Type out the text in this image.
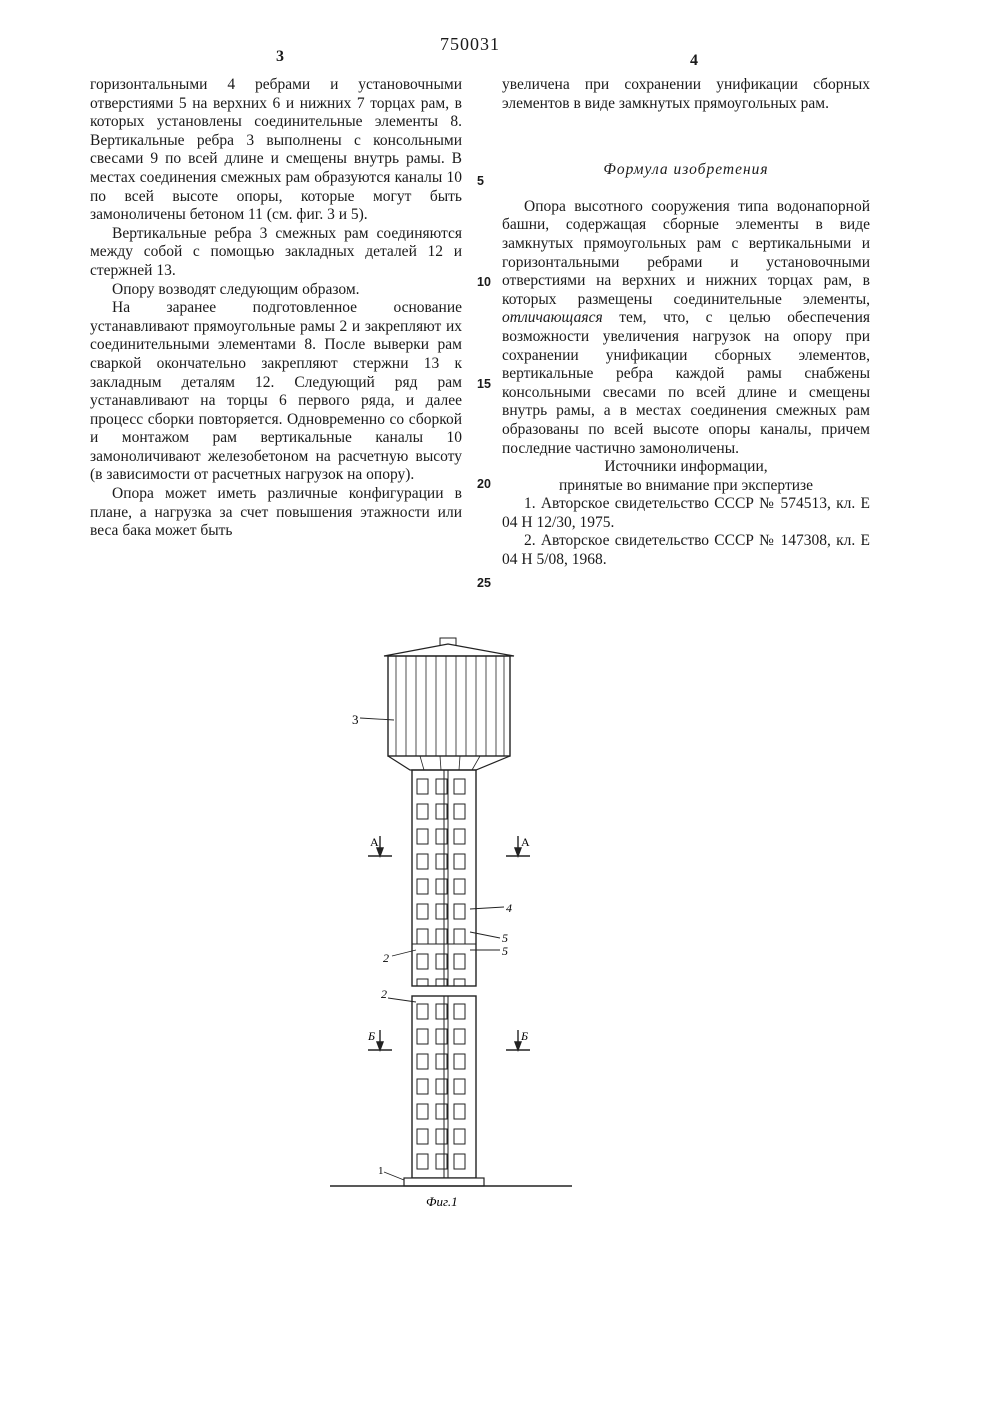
3
750031
4

горизонтальными 4 ребрами и установочными отверстиями 5 на верхних 6 и нижних 7 торцах рам, в которых установлены соединительные элементы 8. Вертикальные ребра 3 выполнены с консольными свесами 9 по всей длине и смещены внутрь рамы. В местах соединения смежных рам образуются каналы 10 по всей высоте опоры, которые могут быть замоноличены бетоном 11 (см. фиг. 3 и 5).

Вертикальные ребра 3 смежных рам соединяются между собой с помощью закладных деталей 12 и стержней 13.

Опору возводят следующим образом.

На заранее подготовленное основание устанавливают прямоугольные рамы 2 и закрепляют их соединительными элементами 8. После выверки рам сваркой окончательно закрепляют стержни 13 к закладным деталям 12. Следующий ряд рам устанавливают на торцы 6 первого ряда, и далее процесс сборки повторяется. Одновременно со сборкой и монтажом рам вертикальные каналы 10 замоноличивают железобетоном на расчетную высоту (в зависимости от расчетных нагрузок на опору).

Опора может иметь различные конфигурации в плане, а нагрузка за счет повышения этажности или веса бака может быть

5
10
15
20
25

увеличена при сохранении унификации сборных элементов в виде замкнутых прямоугольных рам.

Формула изобретения

Опора высотного сооружения типа водонапорной башни, содержащая сборные элементы в виде замкнутых прямоугольных рам с вертикальными и горизонтальными ребрами и установочными отверстиями на верхних и нижних торцах рам, в которых размещены соединительные элементы, отличающаяся тем, что, с целью обеспечения возможности увеличения нагрузок на опору при сохранении унификации сборных элементов, вертикальные ребра каждой рамы снабжены консольными свесами по всей длине и смещены внутрь рамы, а в местах соединения смежных рам образованы по всей высоте опоры каналы, причем последние частично замоноличены.

Источники информации,

принятые во внимание при экспертизе

1. Авторское свидетельство СССР № 574513, кл. Е 04 Н 12/30, 1975.

2. Авторское свидетельство СССР № 147308, кл. Е 04 Н 5/08, 1968.

3
А	А
4
5
5
2
2
Б	Б
1
Фиг.1
